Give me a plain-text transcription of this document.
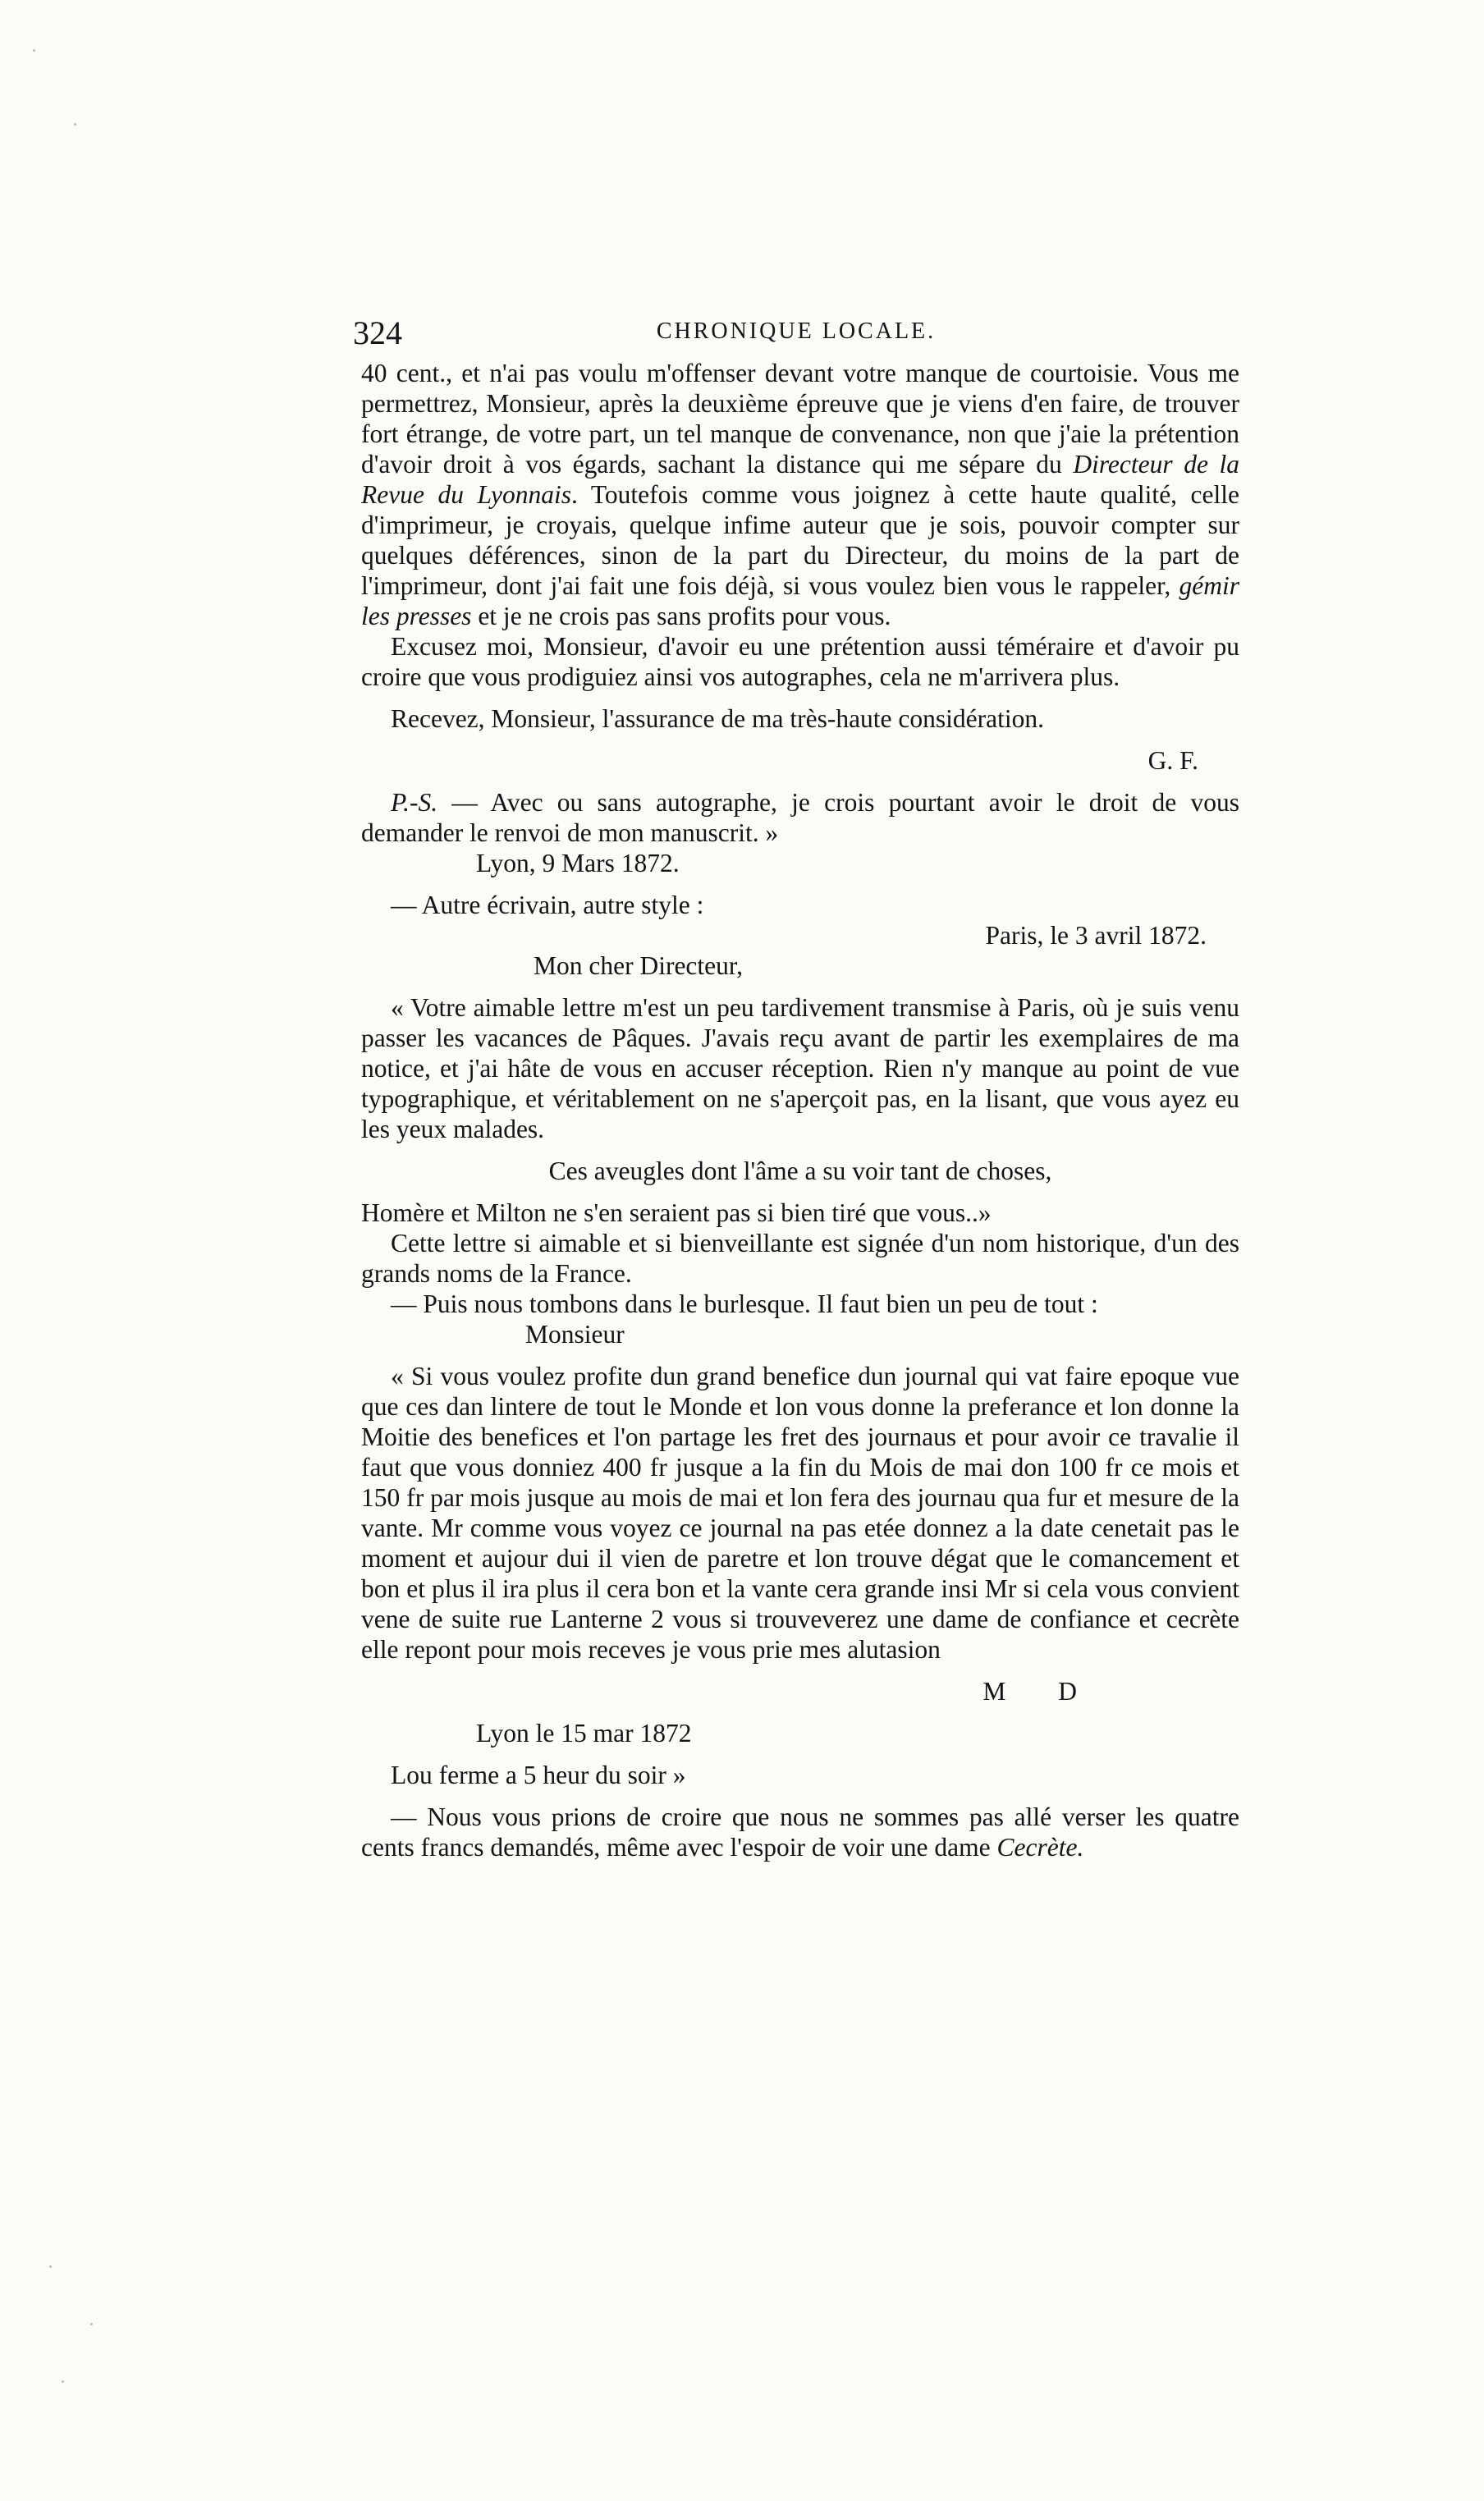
324	CHRONIQUE LOCALE.

40 cent., et n'ai pas voulu m'offenser devant votre manque de courtoisie. Vous me permettrez, Monsieur, après la deuxième épreuve que je viens d'en faire, de trouver fort étrange, de votre part, un tel manque de convenance, non que j'aie la prétention d'avoir droit à vos égards, sachant la distance qui me sépare du Directeur de la Revue du Lyonnais. Toutefois comme vous joignez à cette haute qualité, celle d'imprimeur, je croyais, quelque infime auteur que je sois, pouvoir compter sur quelques déférences, sinon de la part du Directeur, du moins de la part de l'imprimeur, dont j'ai fait une fois déjà, si vous voulez bien vous le rappeler, gémir les presses et je ne crois pas sans profits pour vous.

Excusez moi, Monsieur, d'avoir eu une prétention aussi téméraire et d'avoir pu croire que vous prodiguiez ainsi vos autographes, cela ne m'arrivera plus.

Recevez, Monsieur, l'assurance de ma très-haute considération.

G. F.

P.-S. — Avec ou sans autographe, je crois pourtant avoir le droit de vous demander le renvoi de mon manuscrit. »

Lyon, 9 Mars 1872.

— Autre écrivain, autre style :

Paris, le 3 avril 1872.

Mon cher Directeur,

« Votre aimable lettre m'est un peu tardivement transmise à Paris, où je suis venu passer les vacances de Pâques. J'avais reçu avant de partir les exemplaires de ma notice, et j'ai hâte de vous en accuser réception. Rien n'y manque au point de vue typographique, et véritablement on ne s'aperçoit pas, en la lisant, que vous ayez eu les yeux malades.

Ces aveugles dont l'âme a su voir tant de choses,

Homère et Milton ne s'en seraient pas si bien tiré que vous..»

Cette lettre si aimable et si bienveillante est signée d'un nom historique, d'un des grands noms de la France.

— Puis nous tombons dans le burlesque. Il faut bien un peu de tout :

Monsieur

« Si vous voulez profite dun grand benefice dun journal qui vat faire epoque vue que ces dan lintere de tout le Monde et lon vous donne la preferance et lon donne la Moitie des benefices et l'on partage les fret des journaus et pour avoir ce travalie il faut que vous donniez 400 fr jusque a la fin du Mois de mai don 100 fr ce mois et 150 fr par mois jusque au mois de mai et lon fera des journau qua fur et mesure de la vante. Mr comme vous voyez ce journal na pas etée donnez a la date cenetait pas le moment et aujour dui il vien de paretre et lon trouve dégat que le comancement et bon et plus il ira plus il cera bon et la vante cera grande insi Mr si cela vous convient vene de suite rue Lanterne 2 vous si trouveverez une dame de confiance et cecrète elle repont pour mois receves je vous prie mes alutasion

M D

Lyon le 15 mar 1872

Lou ferme a 5 heur du soir »

— Nous vous prions de croire que nous ne sommes pas allé verser les quatre cents francs demandés, même avec l'espoir de voir une dame Cecrète.
